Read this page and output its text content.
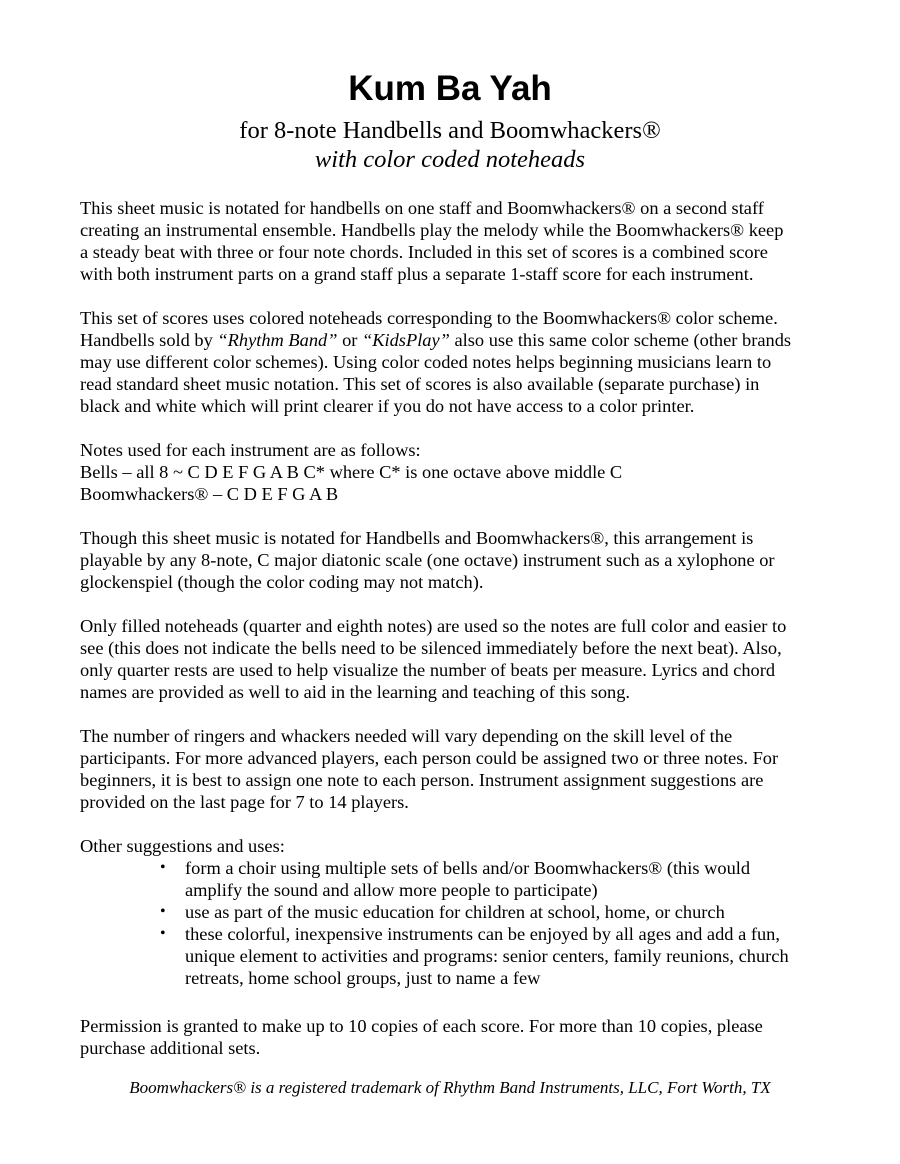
Kum Ba Yah
for 8-note Handbells and Boomwhackers®
with color coded noteheads
This sheet music is notated for handbells on one staff and Boomwhackers® on a second staff
creating an instrumental ensemble. Handbells play the melody while the Boomwhackers® keep
a steady beat with three or four note chords. Included in this set of scores is a combined score
with both instrument parts on a grand staff plus a separate 1-staff score for each instrument.
This set of scores uses colored noteheads corresponding to the Boomwhackers® color scheme.
Handbells sold by “Rhythm Band” or “KidsPlay” also use this same color scheme (other brands
may use different color schemes). Using color coded notes helps beginning musicians learn to
read standard sheet music notation. This set of scores is also available (separate purchase) in
black and white which will print clearer if you do not have access to a color printer.
Notes used for each instrument are as follows:
Bells – all 8 ~ C D E F G A B C* where C* is one octave above middle C
Boomwhackers® – C D E F G A B
Though this sheet music is notated for Handbells and Boomwhackers®, this arrangement is
playable by any 8-note, C major diatonic scale (one octave) instrument such as a xylophone or
glockenspiel (though the color coding may not match).
Only filled noteheads (quarter and eighth notes) are used so the notes are full color and easier to
see (this does not indicate the bells need to be silenced immediately before the next beat). Also,
only quarter rests are used to help visualize the number of beats per measure. Lyrics and chord
names are provided as well to aid in the learning and teaching of this song.
The number of ringers and whackers needed will vary depending on the skill level of the
participants. For more advanced players, each person could be assigned two or three notes. For
beginners, it is best to assign one note to each person. Instrument assignment suggestions are
provided on the last page for 7 to 14 players.
Other suggestions and uses:
• form a choir using multiple sets of bells and/or Boomwhackers® (this would
amplify the sound and allow more people to participate)
• use as part of the music education for children at school, home, or church
• these colorful, inexpensive instruments can be enjoyed by all ages and add a fun,
unique element to activities and programs: senior centers, family reunions, church
retreats, home school groups, just to name a few
Permission is granted to make up to 10 copies of each score. For more than 10 copies, please
purchase additional sets.
Boomwhackers® is a registered trademark of Rhythm Band Instruments, LLC, Fort Worth, TX
